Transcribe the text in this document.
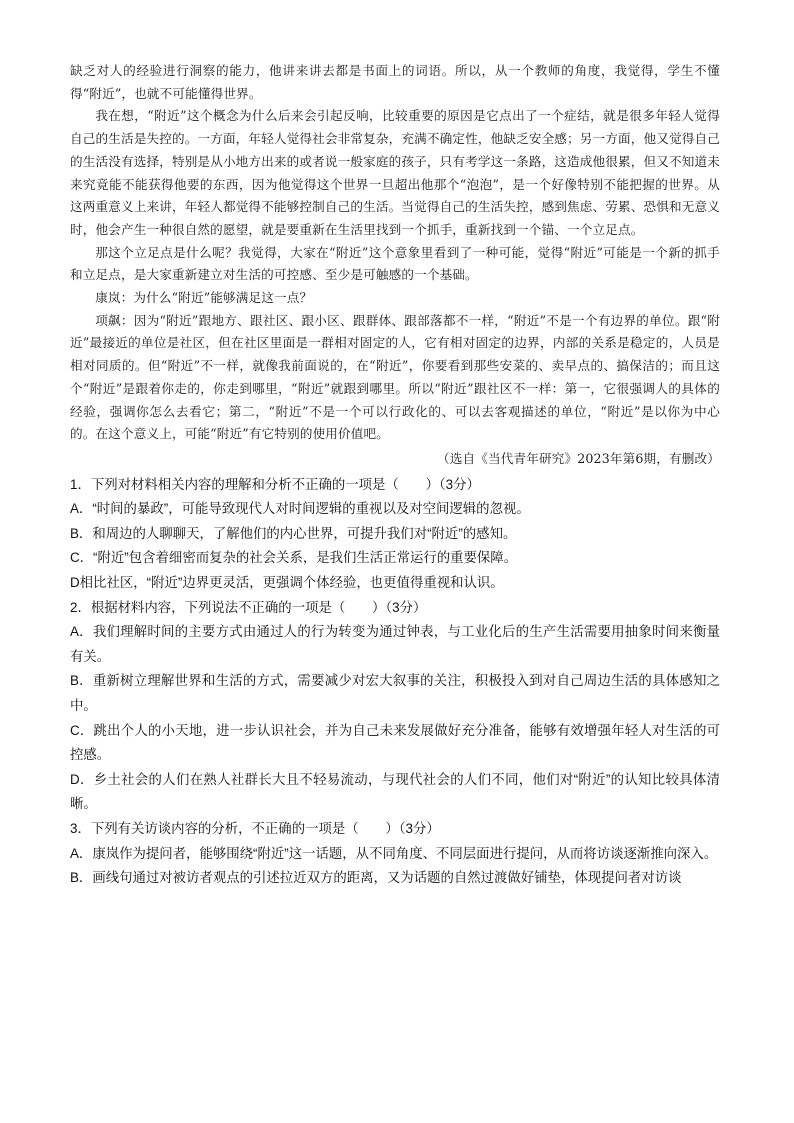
缺乏对人的经验进行洞察的能力，他讲来讲去都是书面上的词语。所以，从一个教师的角度，我觉得，学生不懂得“附近”，也就不可能懂得世界。

我在想，“附近”这个概念为什么后来会引起反响，比较重要的原因是它点出了一个症结，就是很多年轻人觉得自己的生活是失控的。一方面，年轻人觉得社会非常复杂，充满不确定性，他缺乏安全感；另一方面，他又觉得自己的生活没有选择，特别是从小地方出来的或者说一般家庭的孩子，只有考学这一条路，这造成他很累，但又不知道未来究竟能不能获得他要的东西，因为他觉得这个世界一旦超出他那个“泡泡”，是一个好像特别不能把握的世界。从这两重意义上来讲，年轻人都觉得不能够控制自己的生活。当觉得自己的生活失控，感到焦虑、劳累、恐惧和无意义时，他会产生一种很自然的愿望，就是要重新在生活里找到一个抓手，重新找到一个锚、一个立足点。

那这个立足点是什么呢？我觉得，大家在“附近”这个意象里看到了一种可能，觉得“附近”可能是一个新的抓手和立足点，是大家重新建立对生活的可控感、至少是可触感的一个基础。

康岚：为什么“附近”能够满足这一点？

项飙：因为“附近”跟地方、跟社区、跟小区、跟群体、跟部落都不一样，“附近”不是一个有边界的单位。跟“附近”最接近的单位是社区，但在社区里面是一群相对固定的人，它有相对固定的边界，内部的关系是稳定的，人员是相对同质的。但“附近”不一样，就像我前面说的，在“附近”，你要看到那些安菜的、卖早点的、搞保洁的；而且这个“附近”是跟着你走的，你走到哪里，“附近”就跟到哪里。所以“附近”跟社区不一样：第一，它很强调人的具体的经验，强调你怎么去看它；第二，“附近”不是一个可以行政化的、可以去客观描述的单位，“附近”是以你为中心的。在这个意义上，可能“附近”有它特别的使用价值吧。

（选自《当代青年研究》2023年第6期，有删改）

1．下列对材料相关内容的理解和分析不正确的一项是（　　）（3分）

A．“时间的暴政”，可能导致现代人对时间逻辑的重视以及对空间逻辑的忽视。

B．和周边的人聊聊天，了解他们的内心世界，可提升我们对“附近”的感知。

C．“附近”包含着细密而复杂的社会关系，是我们生活正常运行的重要保障。

D相比社区，“附近”边界更灵活，更强调个体经验，也更值得重视和认识。

2．根据材料内容，下列说法不正确的一项是（　　）（3分）

A．我们理解时间的主要方式由通过人的行为转变为通过钟表，与工业化后的生产生活需要用抽象时间来衡量有关。

B．重新树立理解世界和生活的方式，需要减少对宏大叙事的关注，积极投入到对自己周边生活的具体感知之中。

C．跳出个人的小天地，进一步认识社会，并为自己未来发展做好充分准备，能够有效增强年轻人对生活的可控感。

D．乡土社会的人们在熟人社群长大且不轻易流动，与现代社会的人们不同，他们对“附近”的认知比较具体清晰。

3．下列有关访谈内容的分析，不正确的一项是（　　）（3分）

A．康岚作为提问者，能够围绕“附近”这一话题，从不同角度、不同层面进行提问，从而将访谈逐渐推向深入。

B．画线句通过对被访者观点的引述拉近双方的距离，又为话题的自然过渡做好铺垫，体现提问者对访谈
